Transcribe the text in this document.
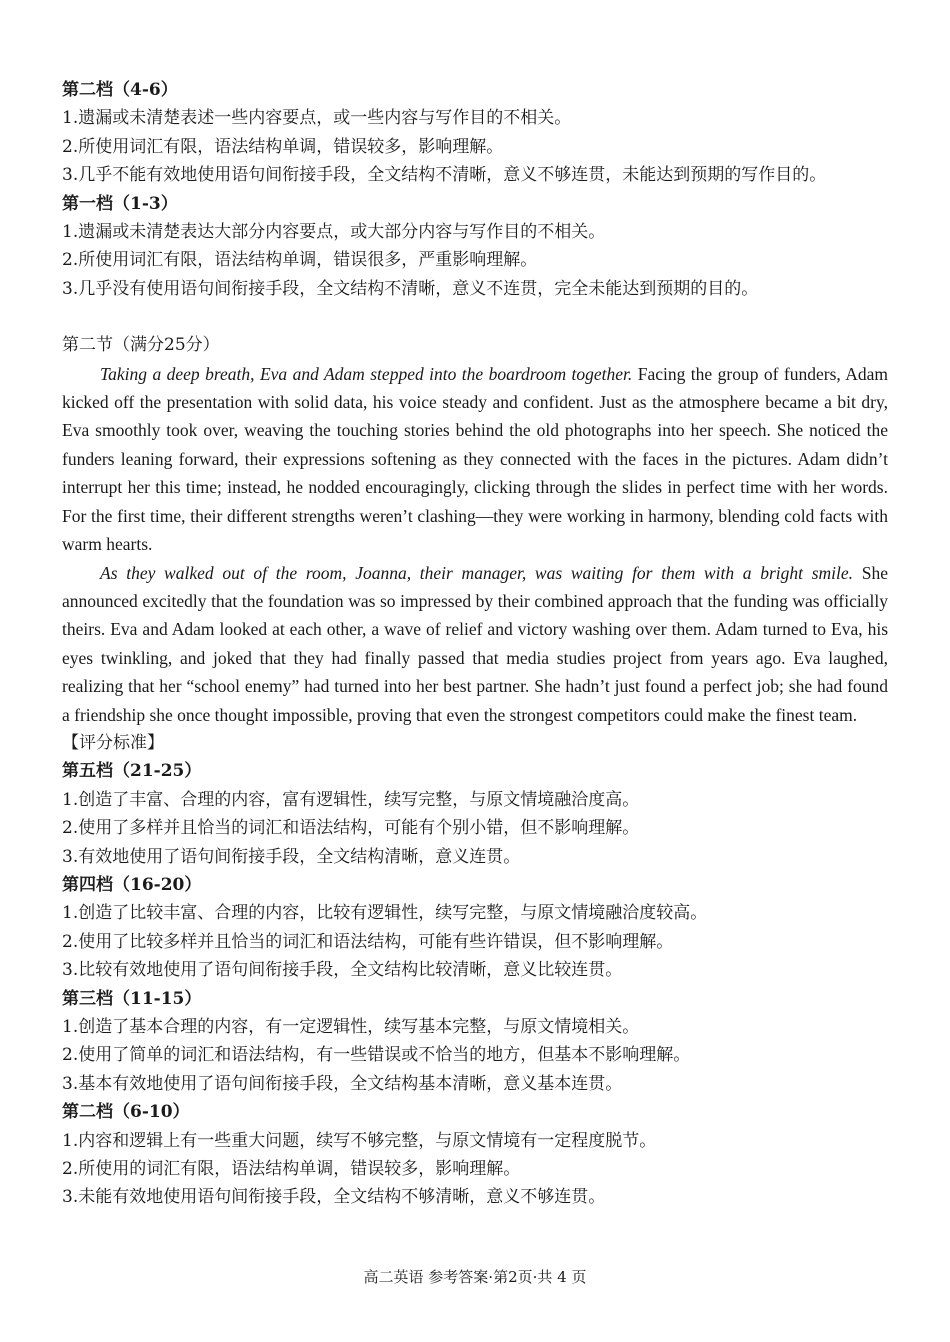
第二档（4-6）
1.遗漏或未清楚表述一些内容要点，或一些内容与写作目的不相关。
2.所使用词汇有限，语法结构单调，错误较多，影响理解。
3.几乎不能有效地使用语句间衔接手段，全文结构不清晰，意义不够连贯，未能达到预期的写作目的。
第一档（1-3）
1.遗漏或未清楚表达大部分内容要点，或大部分内容与写作目的不相关。
2.所使用词汇有限，语法结构单调，错误很多，严重影响理解。
3.几乎没有使用语句间衔接手段，全文结构不清晰，意义不连贯，完全未能达到预期的目的。
第二节（满分25分）

Taking a deep breath, Eva and Adam stepped into the boardroom together. Facing the group of funders, Adam kicked off the presentation with solid data, his voice steady and confident. Just as the atmosphere became a bit dry, Eva smoothly took over, weaving the touching stories behind the old photographs into her speech. She noticed the funders leaning forward, their expressions softening as they connected with the faces in the pictures. Adam didn’t interrupt her this time; instead, he nodded encouragingly, clicking through the slides in perfect time with her words. For the first time, their different strengths weren’t clashing—they were working in harmony, blending cold facts with warm hearts.

As they walked out of the room, Joanna, their manager, was waiting for them with a bright smile. She announced excitedly that the foundation was so impressed by their combined approach that the funding was officially theirs. Eva and Adam looked at each other, a wave of relief and victory washing over them. Adam turned to Eva, his eyes twinkling, and joked that they had finally passed that media studies project from years ago. Eva laughed, realizing that her “school enemy” had turned into her best partner. She hadn’t just found a perfect job; she had found a friendship she once thought impossible, proving that even the strongest competitors could make the finest team.

【评分标准】
第五档（21-25）
1.创造了丰富、合理的内容，富有逻辑性，续写完整，与原文情境融洽度高。
2.使用了多样并且恰当的词汇和语法结构，可能有个别小错，但不影响理解。
3.有效地使用了语句间衔接手段，全文结构清晰，意义连贯。
第四档（16-20）
1.创造了比较丰富、合理的内容，比较有逻辑性，续写完整，与原文情境融洽度较高。
2.使用了比较多样并且恰当的词汇和语法结构，可能有些许错误，但不影响理解。
3.比较有效地使用了语句间衔接手段，全文结构比较清晰，意义比较连贯。
第三档（11-15）
1.创造了基本合理的内容，有一定逻辑性，续写基本完整，与原文情境相关。
2.使用了简单的词汇和语法结构，有一些错误或不恰当的地方，但基本不影响理解。
3.基本有效地使用了语句间衔接手段，全文结构基本清晰，意义基本连贯。
第二档（6-10）
1.内容和逻辑上有一些重大问题，续写不够完整，与原文情境有一定程度脱节。
2.所使用的词汇有限，语法结构单调，错误较多，影响理解。
3.未能有效地使用语句间衔接手段，全文结构不够清晰，意义不够连贯。
高二英语 参考答案·第2页·共 4 页
